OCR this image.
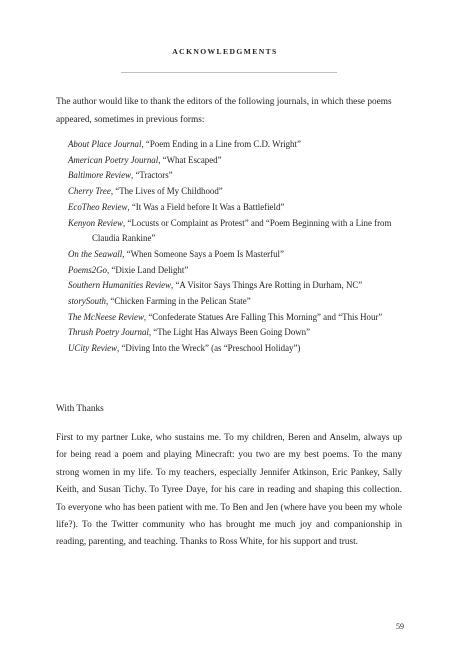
ACKNOWLEDGMENTS
The author would like to thank the editors of the following journals, in which these poems appeared, sometimes in previous forms:
About Place Journal, “Poem Ending in a Line from C.D. Wright”
American Poetry Journal, “What Escaped”
Baltimore Review, “Tractors”
Cherry Tree, “The Lives of My Childhood”
EcoTheo Review, “It Was a Field before It Was a Battlefield”
Kenyon Review, “Locusts or Complaint as Protest” and “Poem Beginning with a Line from Claudia Rankine”
On the Seawall, “When Someone Says a Poem Is Masterful”
Poems2Go, “Dixie Land Delight”
Southern Humanities Review, “A Visitor Says Things Are Rotting in Durham, NC”
storySouth, “Chicken Farming in the Pelican State”
The McNeese Review, “Confederate Statues Are Falling This Morning” and “This Hour”
Thrush Poetry Journal, “The Light Has Always Been Going Down”
UCity Review, “Diving Into the Wreck” (as “Preschool Holiday”)
With Thanks

First to my partner Luke, who sustains me. To my children, Beren and Anselm, always up for being read a poem and playing Minecraft: you two are my best poems. To the many strong women in my life. To my teachers, especially Jennifer Atkinson, Eric Pankey, Sally Keith, and Susan Tichy. To Tyree Daye, for his care in reading and shaping this collection. To everyone who has been patient with me. To Ben and Jen (where have you been my whole life?). To the Twitter community who has brought me much joy and companionship in reading, parenting, and teaching. Thanks to Ross White, for his support and trust.

59
